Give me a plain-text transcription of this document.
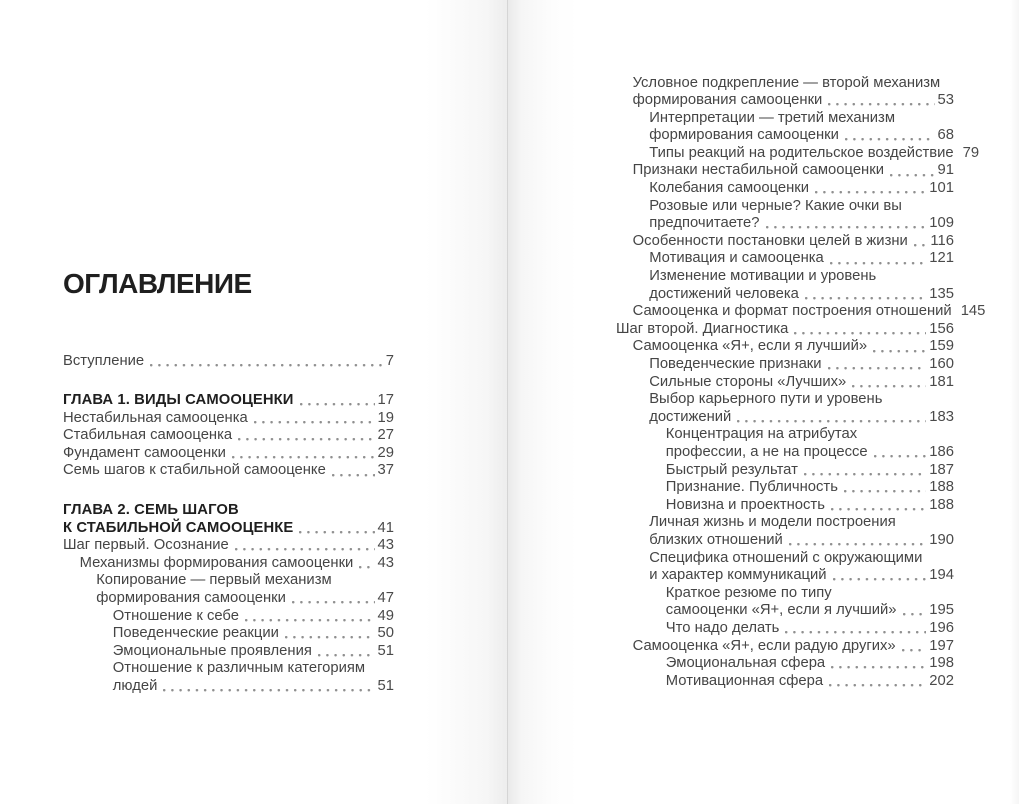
ОГЛАВЛЕНИЕ
Вступление	7
ГЛАВА 1. ВИДЫ САМООЦЕНКИ	17
Нестабильная самооценка	19
Стабильная самооценка	27
Фундамент самооценки	29
Семь шагов к стабильной самооценке	37
ГЛАВА 2. СЕМЬ ШАГОВ
К СТАБИЛЬНОЙ САМООЦЕНКЕ	41
Шаг первый. Осознание	43
Механизмы формирования самооценки 43
Копирование — первый механизм
формирования самооценки	47
Отношение к себе	49
Поведенческие реакции	50
Эмоциональные проявления	51
Отношение к различным категориям
людей	51
Условное подкрепление — второй механизм
формирования самооценки	53
Интерпретации — третий механизм
формирования самооценки	68
Типы реакций на родительское воздействие 79
Признаки нестабильной самооценки	91
Колебания самооценки	101
Розовые или черные? Какие очки вы
предпочитаете?	109
Особенности постановки целей в жизни 116
Мотивация и самооценка	121
Изменение мотивации и уровень
достижений человека	135
Самооценка и формат построения отношений 145
Шаг второй. Диагностика	156
Самооценка «Я+, если я лучший»	159
Поведенческие признаки	160
Сильные стороны «Лучших»	181
Выбор карьерного пути и уровень
достижений	183
Концентрация на атрибутах
профессии, а не на процессе	186
Быстрый результат	187
Признание. Публичность	188
Новизна и проектность	188
Личная жизнь и модели построения
близких отношений	190
Специфика отношений с окружающими
и характер коммуникаций	194
Краткое резюме по типу
самооценки «Я+, если я лучший» 195
Что надо делать	196
Самооценка «Я+, если радую других» 197
Эмоциональная сфера	198
Мотивационная сфера	202
